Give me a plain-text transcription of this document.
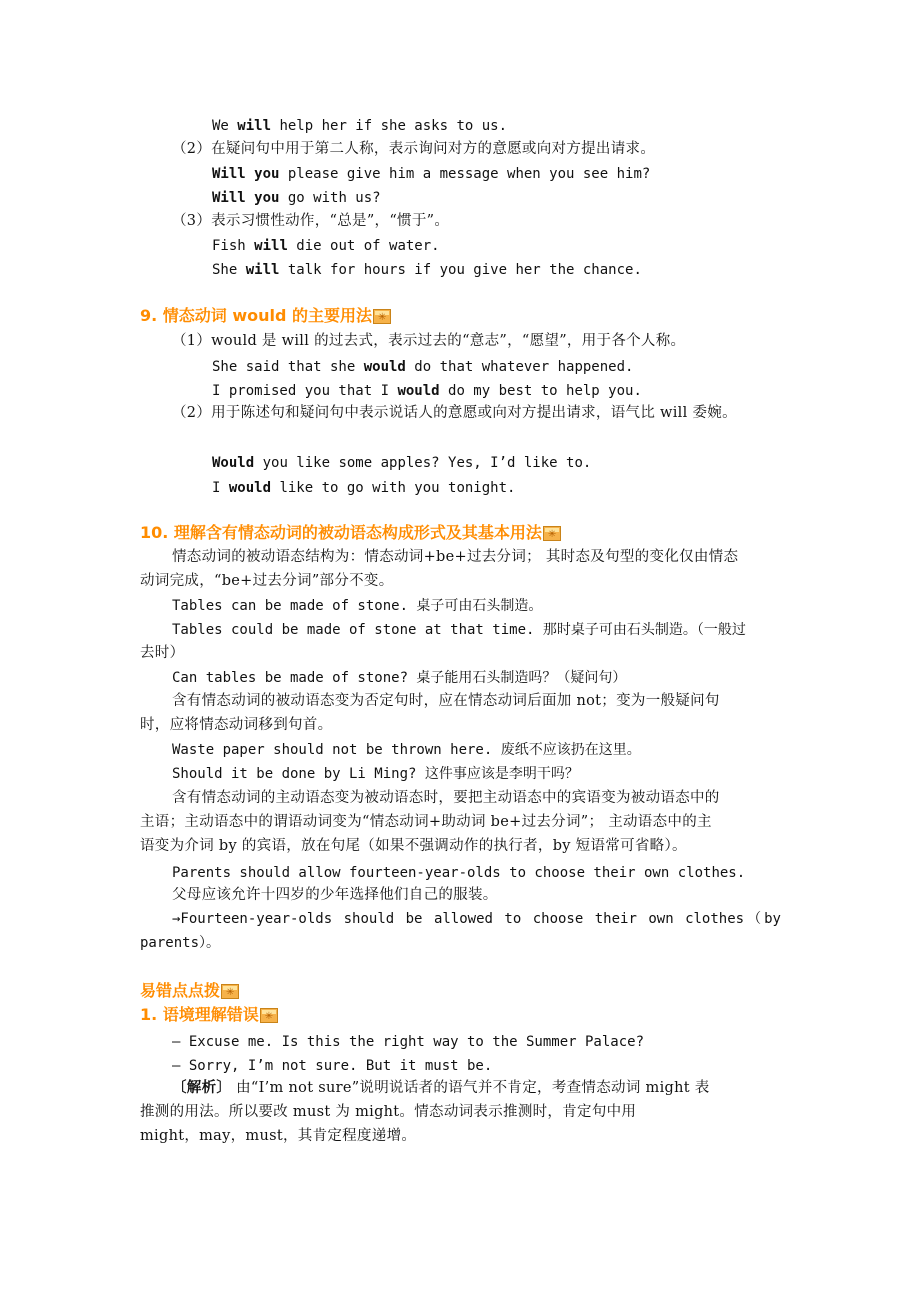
We will help her if she asks to us.
（2）在疑问句中用于第二人称，表示询问对方的意愿或向对方提出请求。
Will you please give him a message when you see him?
Will you go with us?
（3）表示习惯性动作，“总是”，“惯于”。
Fish will die out of water.
She will talk for hours if you give her the chance.
9. 情态动词 would 的主要用法
✳
（1）would 是 will 的过去式，表示过去的“意志”，“愿望”，用于各个人称。
She said that she would do that whatever happened.
I promised you that I would do my best to help you.
（2）用于陈述句和疑问句中表示说话人的意愿或向对方提出请求，语气比 will 委婉。
Would you like some apples? Yes, I’d like to.
I would like to go with you tonight.
10. 理解含有情态动词的被动语态构成形式及其基本用法
✳
情态动词的被动语态结构为：情态动词+be+过去分词； 其时态及句型的变化仅由情态
动词完成，“be+过去分词”部分不变。
Tables can be made of stone. 桌子可由石头制造。
Tables could be made of stone at that time. 那时桌子可由石头制造。（一般过
去时）
Can tables be made of stone? 桌子能用石头制造吗？（疑问句）
含有情态动词的被动语态变为否定句时，应在情态动词后面加 not；变为一般疑问句
时，应将情态动词移到句首。
Waste paper should not be thrown here. 废纸不应该扔在这里。
Should it be done by Li Ming? 这件事应该是李明干吗？
含有情态动词的主动语态变为被动语态时，要把主动语态中的宾语变为被动语态中的
主语；主动语态中的谓语动词变为“情态动词+助动词 be+过去分词”； 主动语态中的主
语变为介词 by 的宾语，放在句尾（如果不强调动作的执行者，by 短语常可省略）。
Parents should allow fourteen-year-olds to choose their own clothes.
父母应该允许十四岁的少年选择他们自己的服装。
→Fourteen-year-olds should be allowed to choose their own clothes（by
parents）。
易错点点拨
✳
1. 语境理解错误
✳
— Excuse me. Is this the right way to the Summer Palace?
— Sorry, I’m not sure. But it must be.
〔解析〕 由“I’m not sure”说明说话者的语气并不肯定，考查情态动词 might 表
推测的用法。所以要改 must 为 might。情态动词表示推测时，肯定句中用
might，may，must，其肯定程度递增。
